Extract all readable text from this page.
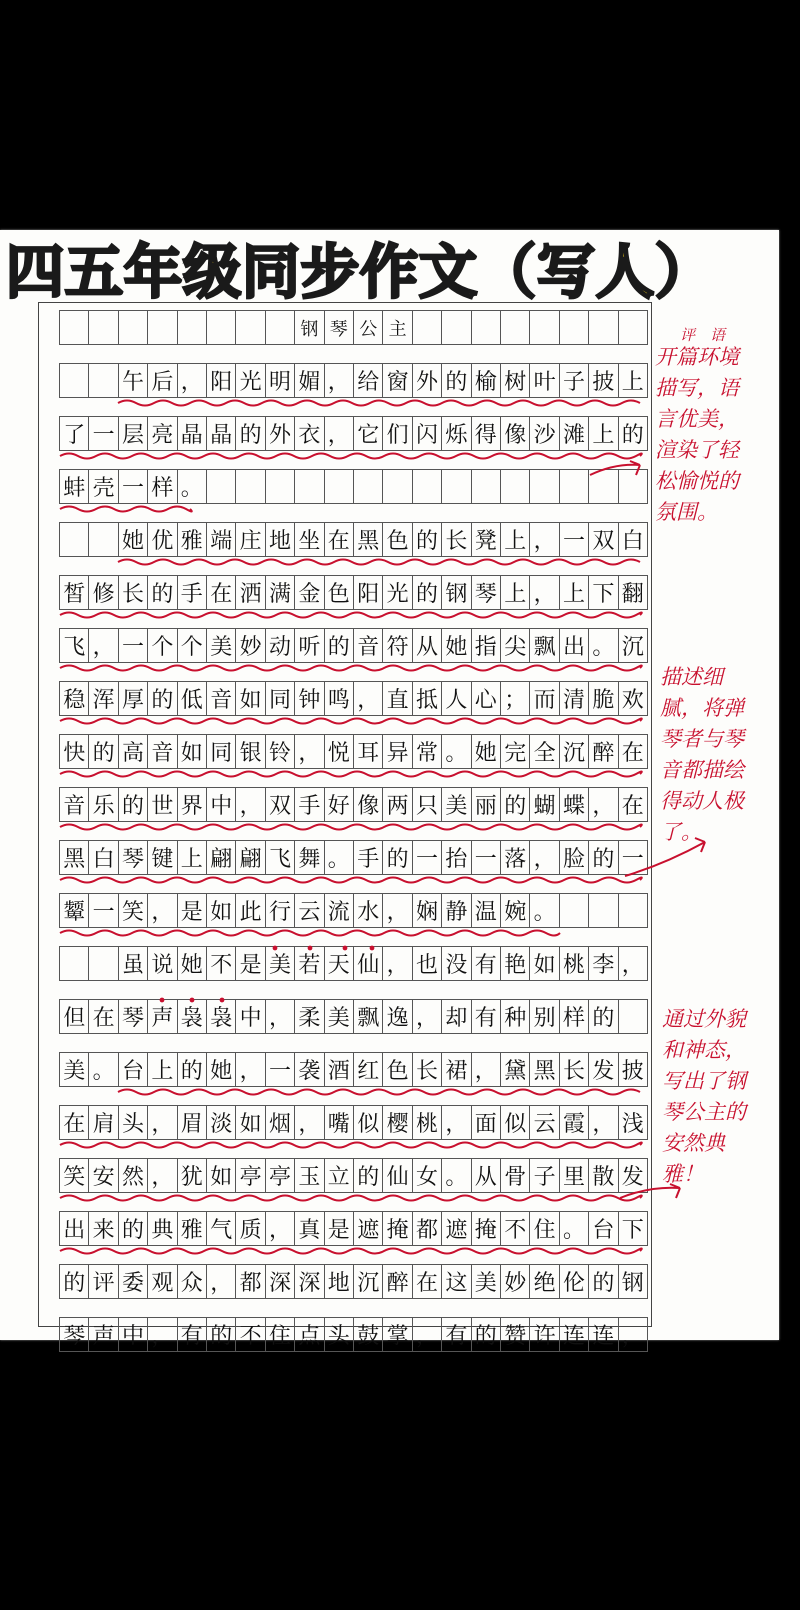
四五年级同步作文（写人）
钢 琴 公 主
午 后 ， 阳 光 明 媚 ， 给 窗 外 的 榆 树 叶 子 披 上
了 一 层 亮 晶 晶 的 外 衣 ， 它 们 闪 烁 得 像 沙 滩 上 的
蚌 壳 一 样 。
她 优 雅 端 庄 地 坐 在 黑 色 的 长 凳 上 ， 一 双 白
皙 修 长 的 手 在 洒 满 金 色 阳 光 的 钢 琴 上 ， 上 下 翻
飞 ， 一 个 个 美 妙 动 听 的 音 符 从 她 指 尖 飘 出 。 沉
稳 浑 厚 的 低 音 如 同 钟 鸣 ， 直 抵 人 心 ； 而 清 脆 欢
快 的 高 音 如 同 银 铃 ， 悦 耳 异 常 。 她 完 全 沉 醉 在
音 乐 的 世 界 中 ， 双 手 好 像 两 只 美 丽 的 蝴 蝶 ， 在
黑 白 琴 键 上 翩 翩 飞 舞 。 手 的 一 抬 一 落 ， 脸 的 一
颦 一 笑 ， 是 如 此 行 云 流 水 ， 娴 静 温 婉 。
虽 说 她 不 是 美 若 天 仙 ， 也 没 有 艳 如 桃 李 ，
但 在 琴 声 袅 袅 中 ， 柔 美 飘 逸 ， 却 有 种 别 样 的
美 。 台 上 的 她 ， 一 袭 酒 红 色 长 裙 ， 黛 黑 长 发 披
在 肩 头 ， 眉 淡 如 烟 ， 嘴 似 樱 桃 ， 面 似 云 霞 ， 浅
笑 安 然 ， 犹 如 亭 亭 玉 立 的 仙 女 。 从 骨 子 里 散 发
出 来 的 典 雅 气 质 ， 真 是 遮 掩 都 遮 掩 不 住 。 台 下
的 评 委 观 众 ， 都 深 深 地 沉 醉 在 这 美 妙 绝 伦 的 钢
琴 声 中 ， 有 的 不 住 点 头 鼓 掌 ， 有 的 赞 许 连 连 ，
评　语
开篇环境
描写，语
言优美，
渲染了轻
松愉悦的
氛围。
描述细
腻，将弹
琴者与琴
音都描绘
得动人极
了。
通过外貌
和神态，
写出了钢
琴公主的
安然典
雅！
